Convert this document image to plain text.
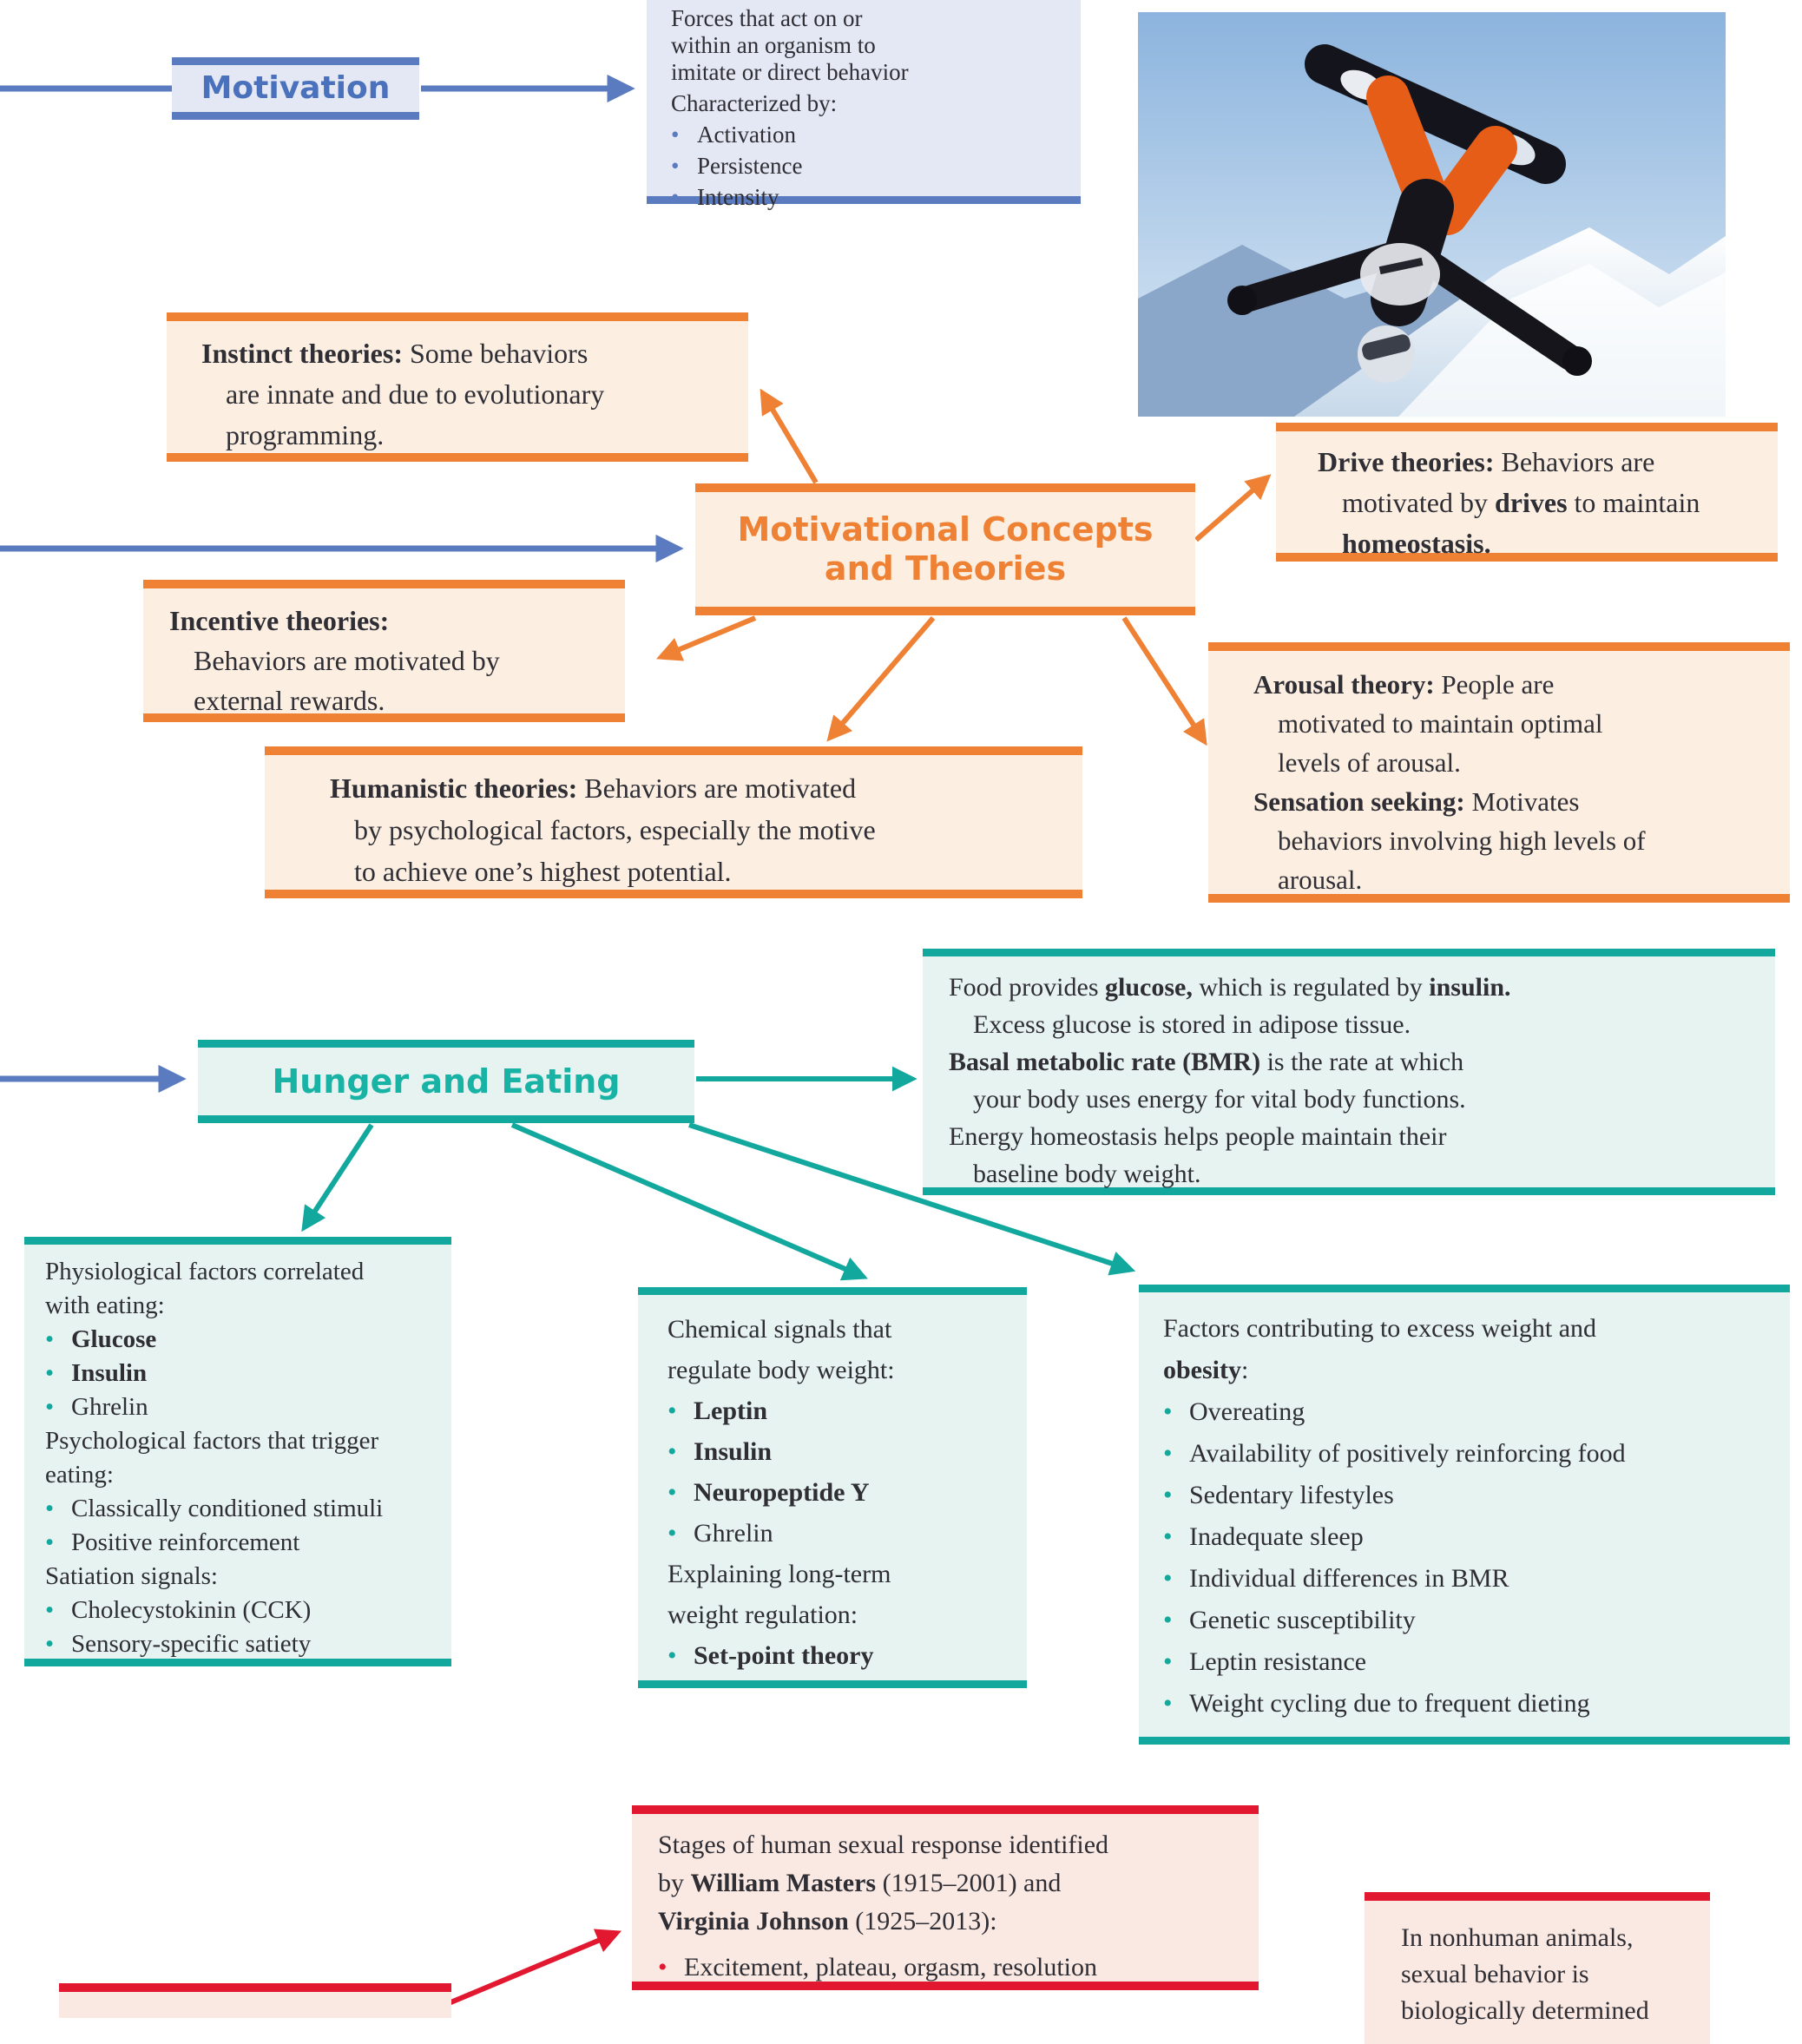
Motivation
Forces that act on or
within an organism to
imitate or direct behavior
Characterized by:
• Activation
• Persistence
• Intensity
Instinct theories: Some behaviors
are innate and due to evolutionary
programming.
Motivational Concepts
and Theories
Drive theories: Behaviors are
motivated by drives to maintain
homeostasis.
Incentive theories:
Behaviors are motivated by
external rewards.
Humanistic theories: Behaviors are motivated
by psychological factors, especially the motive
to achieve one’s highest potential.
Arousal theory: People are
motivated to maintain optimal
levels of arousal.
Sensation seeking: Motivates
behaviors involving high levels of
arousal.
Hunger and Eating
Food provides glucose, which is regulated by insulin.
Excess glucose is stored in adipose tissue.
Basal metabolic rate (BMR) is the rate at which
your body uses energy for vital body functions.
Energy homeostasis helps people maintain their
baseline body weight.
Physiological factors correlated
with eating:
• Glucose
• Insulin
• Ghrelin
Psychological factors that trigger
eating:
• Classically conditioned stimuli
• Positive reinforcement
Satiation signals:
• Cholecystokinin (CCK)
• Sensory-specific satiety
Chemical signals that
regulate body weight:
• Leptin
• Insulin
• Neuropeptide Y
• Ghrelin
Explaining long-term
weight regulation:
• Set-point theory
Factors contributing to excess weight and
obesity:
• Overeating
• Availability of positively reinforcing food
• Sedentary lifestyles
• Inadequate sleep
• Individual differences in BMR
• Genetic susceptibility
• Leptin resistance
• Weight cycling due to frequent dieting
Stages of human sexual response identified
by William Masters (1915–2001) and
Virginia Johnson (1925–2013):
• Excitement, plateau, orgasm, resolution
In nonhuman animals,
sexual behavior is
biologically determined
